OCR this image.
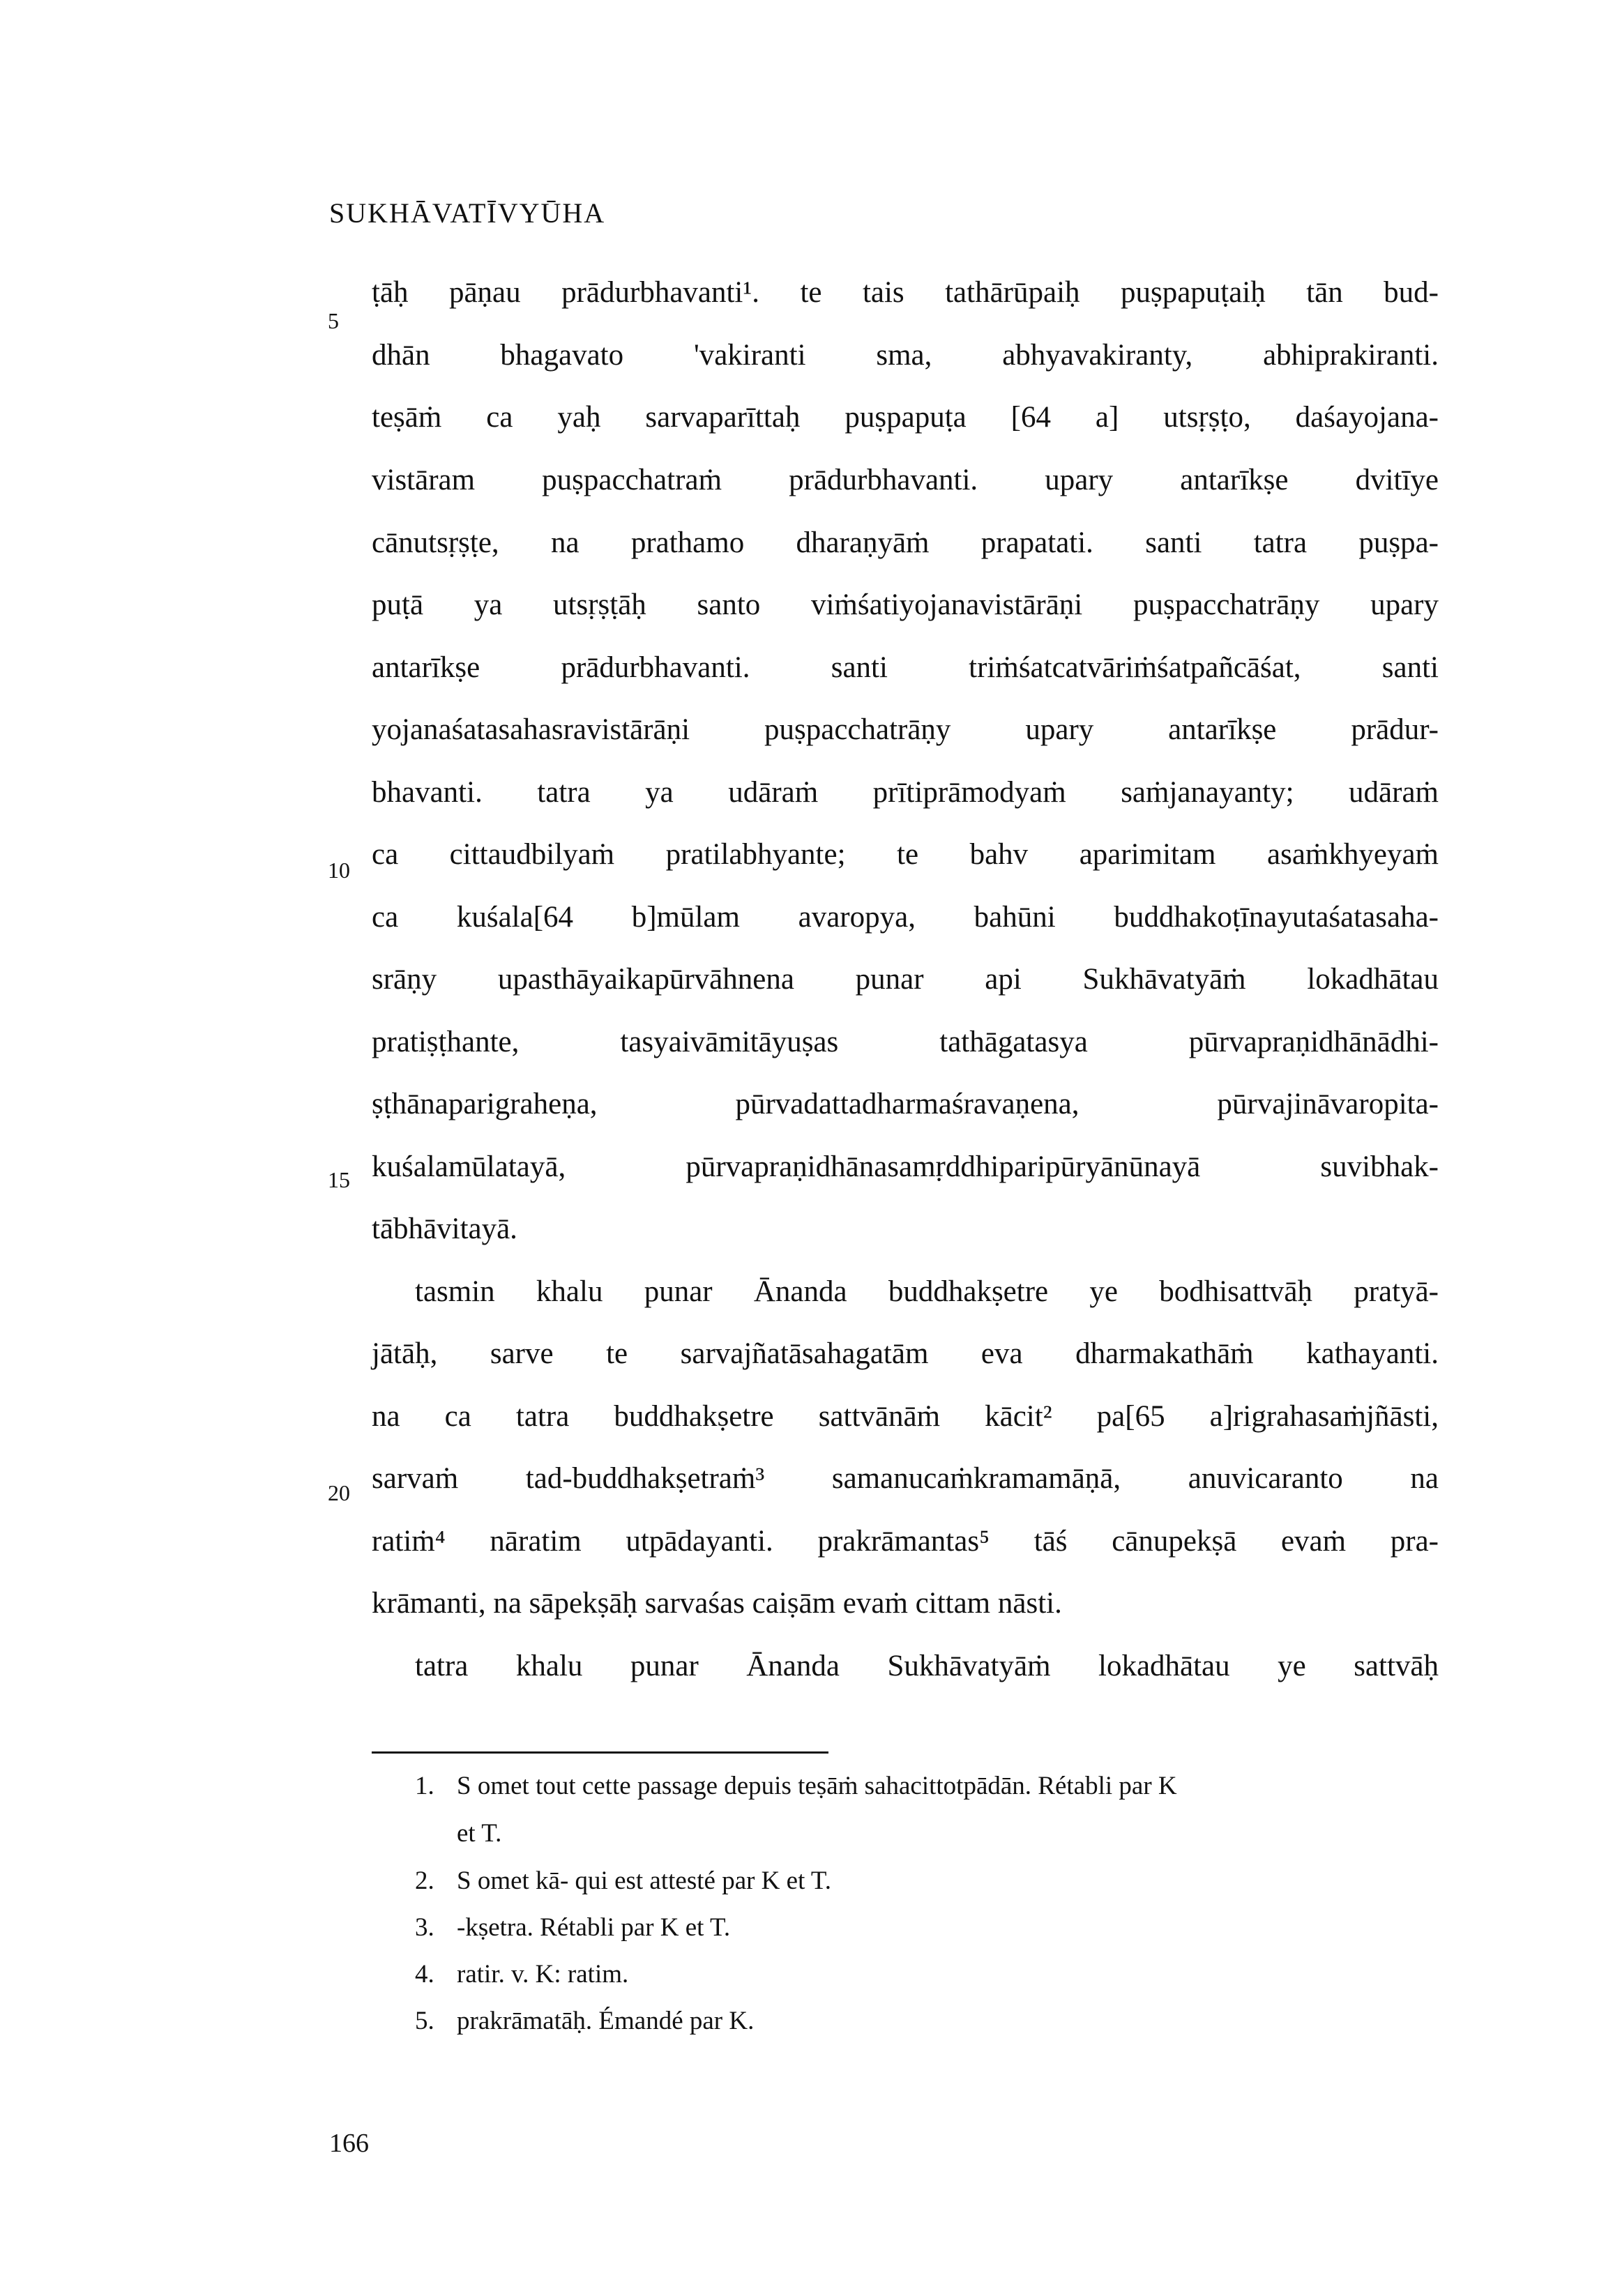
SUKHĀVATĪVYŪHA
5
10
15
20
ṭāḥ pāṇau prādurbhavanti¹. te tais tathārūpaiḥ puṣpapuṭaiḥ tān bud-
dhān bhagavato 'vakiranti sma, abhyavakiranty, abhiprakiranti.
teṣāṁ ca yaḥ sarvaparīttaḥ puṣpapuṭa [64 a] utsṛṣṭo, daśayojana-
vistāram puṣpacchatraṁ prādurbhavanti. upary antarīkṣe dvitīye
cānutsṛṣṭe, na prathamo dharaṇyāṁ prapatati. santi tatra puṣpa-
puṭā ya utsṛṣṭāḥ santo viṁśatiyojanavistārāṇi puṣpacchatrāṇy upary
antarīkṣe prādurbhavanti. santi triṁśatcatvāriṁśatpañcāśat, santi
yojanaśatasahasravistārāṇi puṣpacchatrāṇy upary antarīkṣe prādur-
bhavanti. tatra ya udāraṁ prītiprāmodyaṁ saṁjanayanty; udāraṁ
ca cittaudbilyaṁ pratilabhyante; te bahv aparimitam asaṁkhyeyaṁ
ca kuśala[64 b]mūlam avaropya, bahūni buddhakoṭīnayutaśatasaha-
srāṇy upasthāyaikapūrvāhnena punar api Sukhāvatyāṁ lokadhātau
pratiṣṭhante, tasyaivāmitāyuṣas tathāgatasya pūrvapraṇidhānādhi-
ṣṭhānaparigraheṇa, pūrvadattadharmaśravaṇena, pūrvajināvaropita-
kuśalamūlatayā, pūrvapraṇidhānasamṛddhiparipūryānūnayā suvibhak-
tābhāvitayā.
tasmin khalu punar Ānanda buddhakṣetre ye bodhisattvāḥ pratyā-
jātāḥ, sarve te sarvajñatāsahagatām eva dharmakathāṁ kathayanti.
na ca tatra buddhakṣetre sattvānāṁ kācit² pa[65 a]rigrahasaṁjñāsti,
sarvaṁ tad-buddhakṣetraṁ³ samanucaṁkramamāṇā, anuvicaranto na
ratiṁ⁴ nāratim utpādayanti. prakrāmantas⁵ tāś cānupekṣā evaṁ pra-
krāmanti, na sāpekṣāḥ sarvaśas caiṣām evaṁ cittam nāsti.
tatra khalu punar Ānanda Sukhāvatyāṁ lokadhātau ye sattvāḥ
1. S omet tout cette passage depuis teṣāṁ sahacittotpādān. Rétabli par K
et T.
2. S omet kā- qui est attesté par K et T.
3. -kṣetra. Rétabli par K et T.
4. ratir. v. K: ratim.
5. prakrāmatāḥ. Émandé par K.
166
